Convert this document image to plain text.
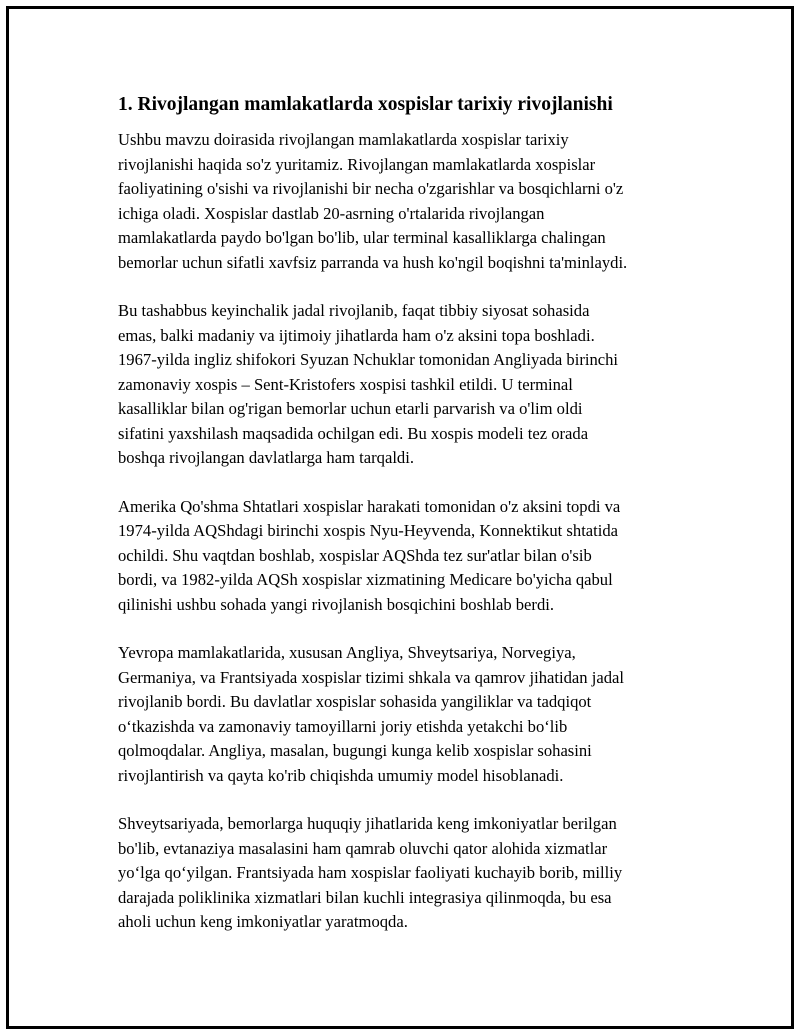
1. Rivojlangan mamlakatlarda xospislar tarixiy rivojlanishi

Ushbu mavzu doirasida rivojlangan mamlakatlarda xospislar tarixiy
rivojlanishi haqida so'z yuritamiz. Rivojlangan mamlakatlarda xospislar
faoliyatining o'sishi va rivojlanishi bir necha o'zgarishlar va bosqichlarni o'z
ichiga oladi. Xospislar dastlab 20-asrning o'rtalarida rivojlangan
mamlakatlarda paydo bo'lgan bo'lib, ular terminal kasalliklarga chalingan
bemorlar uchun sifatli xavfsiz parranda va hush ko'ngil boqishni ta'minlaydi.

Bu tashabbus keyinchalik jadal rivojlanib, faqat tibbiy siyosat sohasida
emas, balki madaniy va ijtimoiy jihatlarda ham o'z aksini topa boshladi.
1967-yilda ingliz shifokori Syuzan Nchuklar tomonidan Angliyada birinchi
zamonaviy xospis – Sent-Kristofers xospisi tashkil etildi. U terminal
kasalliklar bilan og'rigan bemorlar uchun etarli parvarish va o'lim oldi
sifatini yaxshilash maqsadida ochilgan edi. Bu xospis modeli tez orada
boshqa rivojlangan davlatlarga ham tarqaldi.

Amerika Qo'shma Shtatlari xospislar harakati tomonidan o'z aksini topdi va
1974-yilda AQShdagi birinchi xospis Nyu-Heyvenda, Konnektikut shtatida
ochildi. Shu vaqtdan boshlab, xospislar AQShda tez sur'atlar bilan o'sib
bordi, va 1982-yilda AQSh xospislar xizmatining Medicare bo'yicha qabul
qilinishi ushbu sohada yangi rivojlanish bosqichini boshlab berdi.

Yevropa mamlakatlarida, xususan Angliya, Shveytsariya, Norvegiya,
Germaniya, va Frantsiyada xospislar tizimi shkala va qamrov jihatidan jadal
rivojlanib bordi. Bu davlatlar xospislar sohasida yangiliklar va tadqiqot
o‘tkazishda va zamonaviy tamoyillarni joriy etishda yetakchi bo‘lib
qolmoqdalar. Angliya, masalan, bugungi kunga kelib xospislar sohasini
rivojlantirish va qayta ko'rib chiqishda umumiy model hisoblanadi.

Shveytsariyada, bemorlarga huquqiy jihatlarida keng imkoniyatlar berilgan
bo'lib, evtanaziya masalasini ham qamrab oluvchi qator alohida xizmatlar
yo‘lga qo‘yilgan. Frantsiyada ham xospislar faoliyati kuchayib borib, milliy
darajada poliklinika xizmatlari bilan kuchli integrasiya qilinmoqda, bu esa
aholi uchun keng imkoniyatlar yaratmoqda.
